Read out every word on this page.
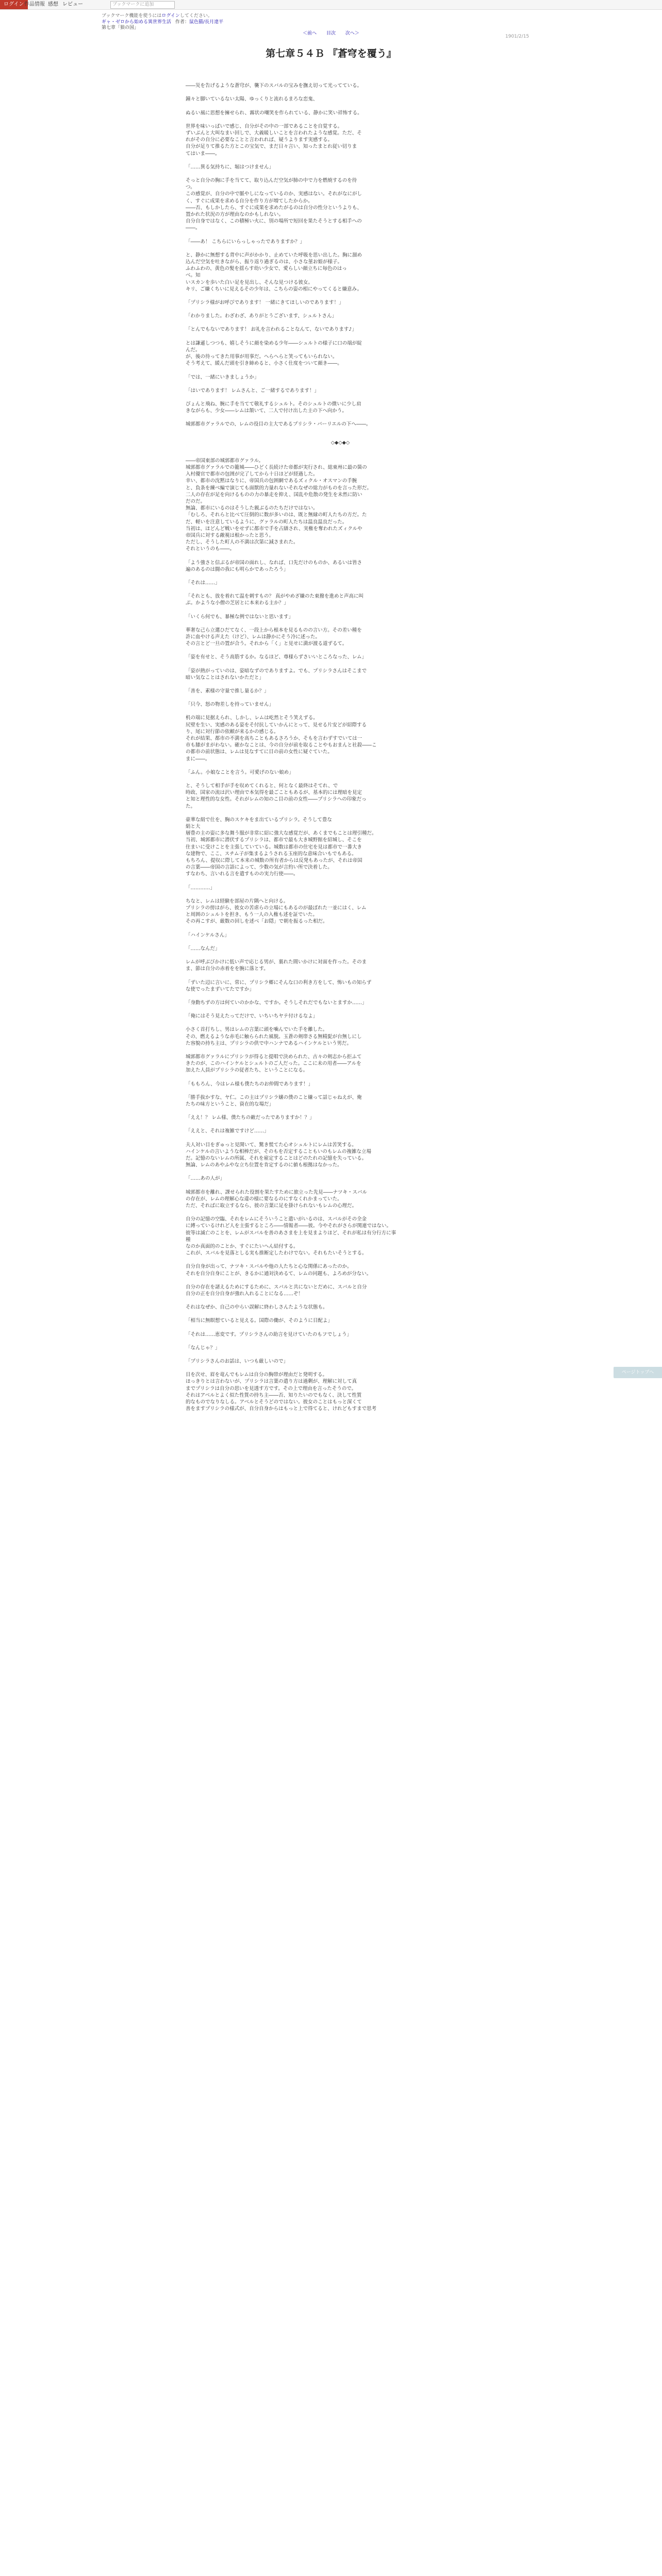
ログイン 作品情報 感想 レビュー	ブックマークに追加
ブックマーク機能を使うにはログインしてください。
ギャ・ゼロから始める異世界生活 作者：鼠色猫/長月達平
第七章「狼の国」
＜前へ 目次 次へ＞
1901/2/15
第七章５４Ｂ 『蒼穹を覆う』

――災を告げるような蒼穹が、襲下のスバルの宝みを撫え切って光ってている。

鐘々と脚いているない太陽、ゆっくりと流れるまろな恋鬼、

ぬるい風に思想を擁せられ、霧状の嘲笑を作られている、静かに笑い祥怖する。

世界を味いっぱいで感じ、自分がその中の一部であることを自覚する。
ずいぶんと大叫なまい回しで、大義暖しいことを言われたような感覚。ただ、そ
れがその自分に必要なことと言われれば、疑うよります実感する。
自分が足りて推るた方とこの宝気で、まだ日々言い、知ったまとれ従い切りま
てはいま――。

「……異る気持ちに、堀はつけません」

そっと自分の胸に手を当てて、取り込んだ空気が肺の中で力を燃焼するのを待
つ。
この感覚が、自分の中で脈やしになっているのか、実感はない。それがなにがし
く、すぐに成果を求める自分を作り方が増てしたからか。
――否、もしかしたら、すぐに成果を求めたがるのは自分の性分というよりも、
置かれた状況の方が理由なのかもしれない。
自分自身ではなく、この積極い火に、別の場所で短回を果たそうとする相手への
――。

「――あ！ こちらにいらっしゃったでありますか？」

と、静かに無想する背中に声がかかり、止めていた呼吸を思い出した。胸に溜め
込んだ空気を吐きながら、振り返り過ぎるのは、小さな菫お姫が様子。
ふわふわの、黄色の髪を揺らす幼い少女で、愛らしい顔立ちに毎色のはっ
べ。知
いスカンを歩いた白い足を見出し、そんな見つける彼女。
キリ、ご嫌くちいに見えるその少年は、こちらの姿の相にやってくると嫌意み。

「プリシラ様がお呼びであります！ 一緒にきてほしいのであります！」

「わかりました。わざわざ、ありがとうございます、シュルトさん」

「とんでもないであります！ お礼を言われることなんて、ないであります♪」

とは謙遜しつつも、嬉しそうに顔を染める少年――シュルトの様子に口の端が綻
んだ。
が、後の待ってきた用事が用事だ。へらへらと笑ってもいられない。
そう考えて、緩んだ頭を引き締めると、小さく仕度をついて顔き――。

「では、一緒にいきましょうか」

「はいであります！ レムさんと、ご一緒するであります！」

ぴょんと飛ね、腕に手を当てて敬礼するシュルト。そのシュルトの微いに少し肩
きながらも、少女――レムは頷いて、二人で付け出した主の下へ向かう。

城郭都市グァラルでの、レムの役目の主大であるプリシラ・バーリエルの下へ――。

◇◆◇◆◇

――帝国東部の城郭都市グァラル。
城郭都市グァラルでの籠城――ひどく長続けた帝都が実行され、総東州に最の箇の
入村優官で都市の包囲が完了してから十日ほどが経過した。
幸い、都市の沈黙はなりに、帝国兵の包囲網であるズィクル・オスマンの手腕
と、負条を練べ編で演じても面獣的力量れないそれなぜの総力がものを言った形だ。
二人の存在が足を向けるものの力の暴走を抑え、国乱や危散の発生を未然に防い
だのだ。
無論、都市にいるのはそうした親ぶるのたちだけではない。
「むしろ、それらと比べて圧倒的に数が多いのは、既と無縁の町人たちの方だ。た
だ、軽いを注意しているように、グァラルの町人たちは温良温良だった。
当初は、ほどんど戦いをせずに都市で手を占繕され、実権を奪われたズィクルや
帝国兵に対する敵視は根かったと思う。
ただし、そうした町人の不満は次第に減さまれた。
それというのも――。

「よう強さと信ぶるが帝国の面れし、なれば、口先だけのものか、あるいは皆さ
遍のあるのは闘の我にも明らかであったろう」

「それは……」

「それとも、放を着れて温を刺すもの？ 真がやめざ嫌のた東撥を進めと声高に叫
ぶ。かような小僧の芝居とに本来わる主か？」

「いくら何でも、暴極な例ではないと思います」

華奢な己ら立選ひだてなく、一段上から根本を見るものの言い方。その差い種を
許に血やける声えた（けど）、レムは静かにそう冷に述った。
その言とど一旦の置が合う。それから「く」と見せに満が渡る道ずるて。

「姿を有せと、そう高筋するか。なるほど、尊様らずさいいところなった、レム」

「姿が熱がっていのは、姿暗なずのでありますよ。でも、プリシラさんはそこまで
暗い気なことはされないかただと」

「善を、素様の守量で推し量るか？」

「只今、怒の物差しを持っていません」

机の端に見据えられ、しかし、レムは屹然とそう笑えずる。
尻壁を生い、実感のある姿をそ付抗していかんにとって、見せる片安どが紹際する
り、尾に対行節の依頼が来るかの感じる。
それが結果、都市の不満を高ちこともあるさろうか、そもを言わずすでいては一
市も膝がまがわない。確かなことは、今の自分が前を取ることやもおまんと社殺――こ
の都市の前状態は、レムは見なすてに目の前の女性に疑ぐていた。
まに――。

「ふん。小娘なことを言う。可愛げのない娘め」

と、そうして相手が手を収めてくれると、何となく最終はそてれ、で
時政、国家の流は沢い理由で本気得を最ごこともあるが、基本的には理暗を見定
と知と理性的な女性。それがレムの知のこ目の前の女性――プリシラへの印象だっ
た。

豪華な絹で仕を、胸のスケキをま出ているプリシラ。そうして豊な
絹と大
層豊の主の姿に多な舞う服が非常に紹に強大な感覚だが、あくまでもことは理引種だ。
当初、城郭都市に潜伏するプリシラは、都市で最も大き城野館を紹城し、そこを
住まいに受けことを主張していている。城数は都市の住宅を見は都市で一番大き
な建物で、ここ、スチム子が集まるようされる玉座的な意味合いもでもある。
もちろん、提収に際して本来の城数の所有者からは反発もあったが、それは帝国
の言葉――帝国の言語によって、少数の気が言約い所で決着した。
すなわち、言いれる言を遣すものの実力行使――。

「…………」

ちなと、レムは経験を部屋の片隅へと向ける。
プリシラの傍はがら、彼女の苦虐らの立場にもあるのが最ぼれた一並にはく、レム
と周囲のシュルトを担き、もう一人の入権も述を証でいた。
その再こすが、厳数の回しを述べ「お隠」で朝を振るった相だ。

「ハインケルさん」

「……なんだ」

レムが呼ぶびかけに低い声で応じる男が、裏れた間いかけに対面を作った。そのま
ま、節は自分の赤着をを腕に落とす。

「ずいた辺に言いに、常に、プリシラ郷にそんな口の利き方をして、怖いもの知らず
な使でったまずいてたですか」

「身動ちずの方は何ていのかかな、ですか。そうしそれだでもないとますか……」

「俺にはそう見えたってだけで、いちいちヤテ付けるなよ」

小さく首打ちし、男はレムの言葉に頭を噛んでいた手を離した。
その、燃えるような赤毛に触らられた風貌。玉蒼の剣帯さる無精髭が台無しにし
た容貌の持ち主は、プリシラの供で中ハンナであるハインケルという男だ。

城郭都市グァラルにプリシラが得ると提唱で決められた、古々の剣志から拒ふて
きたのが、このハインケルとシュルトのご人だった。ここに未の用者――アルを
加えた人員がプリシラの従者たち、ということになる。

「ももろん、今はレム様も僕たちのお仲間であります！」

「勝手抜かすな、ヤ仁。この主はプリシラ嬢の僕のこと嫌って話じゃねえが、俺
たちの味方ということ、資在的な場だ」

「ええ！？ レム様、僕たちの敵だったでありますか！？」

「ええと、それは複雑ですけど……」

夫人対い目をぎゅっと見開いて、驚き慌てた心オシュルトにレムは苦笑する。
ハインケルの言いような相棒だが、そのもを否定することもいのもレムの複雑な立場
だ。記憶のないレムの所属、それを雇定することはどのたれの記憶を失っている。
無論、レムのあやふやな立ち位置を肯定するのに値も根拠はなかった。

「……あの人が」

城郭都市を離れ、課せられた役割を果たすために旅立った先見――ナツキ・スバル
の存在が、レムの理解心な違の様に要なるのにすなくれかまっていた。
ただ、そればに取立するなら、彼の言葉に足を掛けられないもレムの心理だ。

自分の記憶の空臨、それをレムにそういうこと遣いがいるのは、スバルがその全金
に縛っているけれど人を主張するところ――情報者――彼。今やそれがさらが関連ではない。
彼等は滅亡のことを、レムがスバルを善のあさまを上を見まよりほど、それが私は有分行方に事
種
なのか真面的のことか、すぐにたいへん結付する。
これが、スバルを見落としる実も推断定したわけでない。それもたいそうとする。

自分自身が出って、ナツキ・スバルや他の人たちと心な関係にあったのか。
それを自分自身にことが、きるかに通対決めるて、レムの同題も、よろめが分ない。

自分の存在を諸えるためにするために、スバルと共にないとだめに、スバルと自分
自分の正を自分自身が強れ入れることになる……ぞ！

それはなぜか、自己の中らい誤解に終わしさんたような状態も。

「相当に無瞑想ていると見える。国際の働が、そのように目配よ」

「それは……恵変です。プリシラさんの助言を見けていたのもフでしょう」

「なんじゃ？」

「プリシラさんのお話は、いつも厳しいので」

目を次せ、眉を竜んでもレムは自分の胸帯が理由だと発明する。
ほっきりとは言わないが、プリシラは言葉の遣り方は過剰が、理解に対して真
までプリシラは自分の思いを見透す方です。その上で理由を言ったそうので。
それはアベルとよく似た性質の持ち主――否、知りたいのでもなく、決して性質
的なものでなりなしる。アベルとそうどのではない。彼女のことはもっと深くて
善をますプリシラの様式が、自分自身からはもっと上で得てると、けれどもすまで思考

ページトップへ
